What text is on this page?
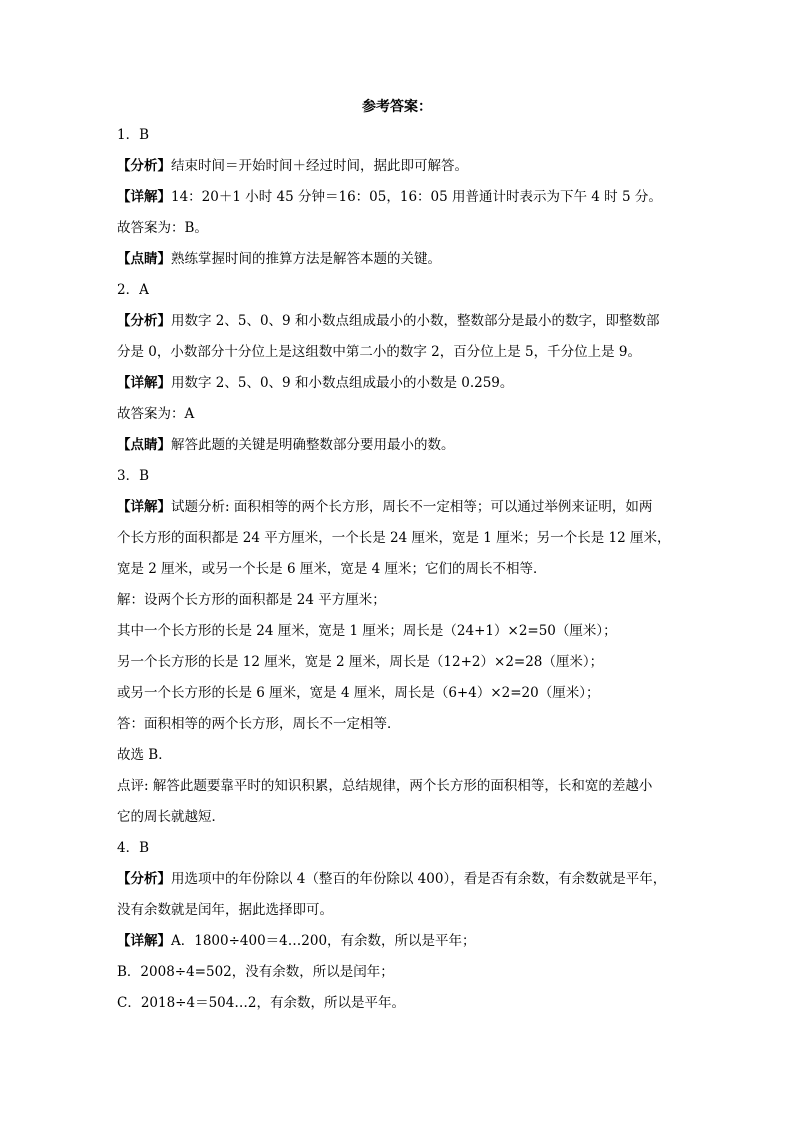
参考答案：
1．B
【分析】结束时间＝开始时间＋经过时间，据此即可解答。
【详解】14：20＋1 小时 45 分钟＝16：05，16：05 用普通计时表示为下午 4 时 5 分。
故答案为：B。
【点睛】熟练掌握时间的推算方法是解答本题的关键。
2．A
【分析】用数字 2、5、0、9 和小数点组成最小的小数，整数部分是最小的数字，即整数部
分是 0，小数部分十分位上是这组数中第二小的数字 2，百分位上是 5，千分位上是 9。
【详解】用数字 2、5、0、9 和小数点组成最小的小数是 0.259。
故答案为：A
【点睛】解答此题的关键是明确整数部分要用最小的数。
3．B
【详解】试题分析: 面积相等的两个长方形，周长不一定相等；可以通过举例来证明，如两
个长方形的面积都是 24 平方厘米，一个长是 24 厘米，宽是 1 厘米；另一个长是 12 厘米，
宽是 2 厘米，或另一个长是 6 厘米，宽是 4 厘米；它们的周长不相等．
解：设两个长方形的面积都是 24 平方厘米；
其中一个长方形的长是 24 厘米，宽是 1 厘米；周长是（24+1）×2=50（厘米）；
另一个长方形的长是 12 厘米，宽是 2 厘米，周长是（12+2）×2=28（厘米）；
或另一个长方形的长是 6 厘米，宽是 4 厘米，周长是（6+4）×2=20（厘米）；
答：面积相等的两个长方形，周长不一定相等．
故选 B．
点评: 解答此题要靠平时的知识积累，总结规律，两个长方形的面积相等，长和宽的差越小
它的周长就越短．
4．B
【分析】用选项中的年份除以 4（整百的年份除以 400），看是否有余数，有余数就是平年，
没有余数就是闰年，据此选择即可。
【详解】A．1800÷400＝4…200，有余数，所以是平年；
B．2008÷4=502，没有余数，所以是闰年；
C．2018÷4＝504…2，有余数，所以是平年。
